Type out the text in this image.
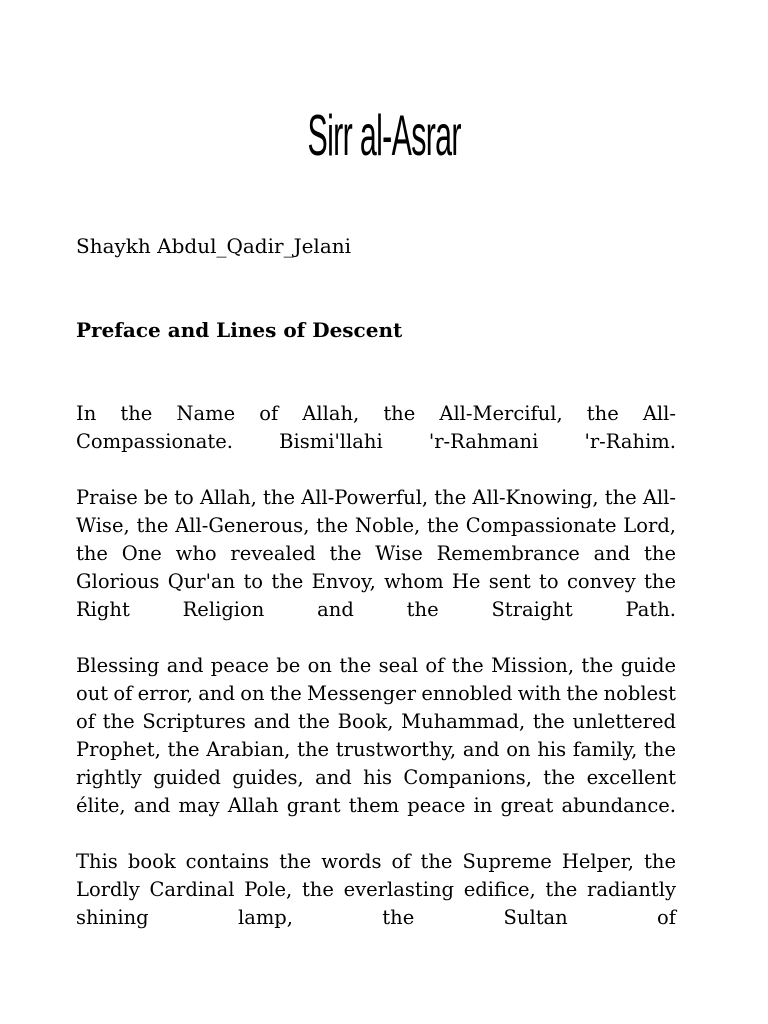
Sirr al-Asrar

Shaykh Abdul_Qadir_Jelani

Preface and Lines of Descent

In the Name of Allah, the All-Merciful, the All-Compassionate. Bismi'llahi 'r-Rahmani 'r-Rahim.

Praise be to Allah, the All-Powerful, the All-Knowing, the All-Wise, the All-Generous, the Noble, the Compassionate Lord, the One who revealed the Wise Remembrance and the Glorious Qur'an to the Envoy, whom He sent to convey the Right Religion and the Straight Path.

Blessing and peace be on the seal of the Mission, the guide out of error, and on the Messenger ennobled with the noblest of the Scriptures and the Book, Muhammad, the unlettered Prophet, the Arabian, the trustworthy, and on his family, the rightly guided guides, and his Companions, the excellent élite, and may Allah grant them peace in great abundance.

This book contains the words of the Supreme Helper, the Lordly Cardinal Pole, the everlasting edifice, the radiantly shining lamp, the Sultan of
